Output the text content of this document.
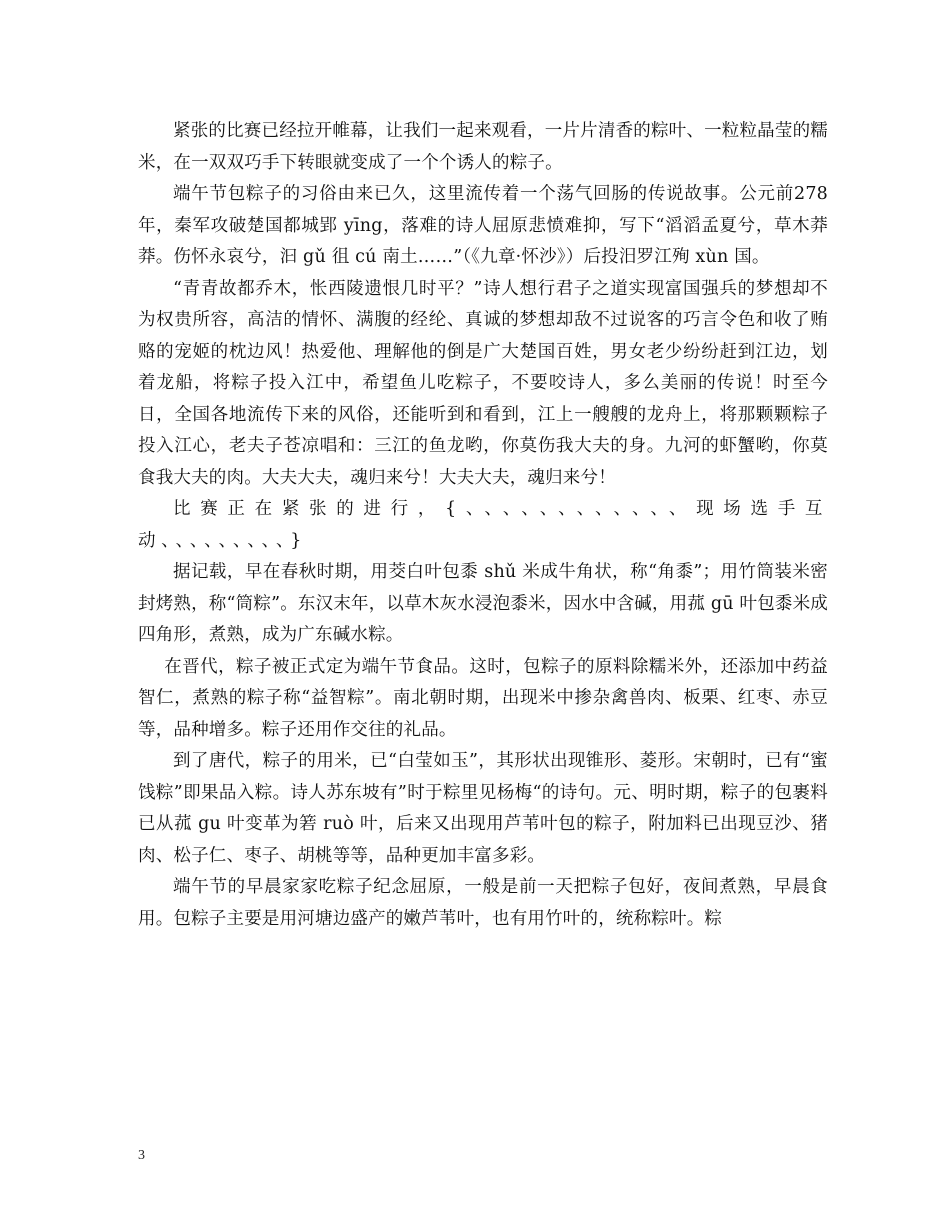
紧张的比赛已经拉开帷幕，让我们一起来观看，一片片清香的粽叶、一粒粒晶莹的糯米，在一双双巧手下转眼就变成了一个个诱人的粽子。

端午节包粽子的习俗由来已久，这里流传着一个荡气回肠的传说故事。公元前278年，秦军攻破楚国都城郢 yīng，落难的诗人屈原悲愤难抑，写下“滔滔孟夏兮，草木莽莽。伤怀永哀兮，汩 gǔ 徂 cú 南土……”（《九章·怀沙》）后投汨罗江殉 xùn 国。

“青青故都乔木，怅西陵遗恨几时平？”诗人想行君子之道实现富国强兵的梦想却不为权贵所容，高洁的情怀、满腹的经纶、真诚的梦想却敌不过说客的巧言令色和收了贿赂的宠姬的枕边风！热爱他、理解他的倒是广大楚国百姓，男女老少纷纷赶到江边，划着龙船，将粽子投入江中，希望鱼儿吃粽子，不要咬诗人，多么美丽的传说！时至今日，全国各地流传下来的风俗，还能听到和看到，江上一艘艘的龙舟上，将那颗颗粽子投入江心，老夫子苍凉唱和：三江的鱼龙哟，你莫伤我大夫的身。九河的虾蟹哟，你莫食我大夫的肉。大夫大夫，魂归来兮！大夫大夫，魂归来兮！

比赛正在紧张的进行，{、、、、、、、、、、、、现场选手互动、、、、、、、、、}

据记载，早在春秋时期，用茭白叶包黍 shǔ 米成牛角状，称“角黍”；用竹筒装米密封烤熟，称“筒粽”。东汉末年，以草木灰水浸泡黍米，因水中含碱，用菰 gū 叶包黍米成四角形，煮熟，成为广东碱水粽。

在晋代，粽子被正式定为端午节食品。这时，包粽子的原料除糯米外，还添加中药益智仁，煮熟的粽子称“益智粽”。南北朝时期，出现米中掺杂禽兽肉、板栗、红枣、赤豆等，品种增多。粽子还用作交往的礼品。

到了唐代，粽子的用米，已“白莹如玉”，其形状出现锥形、菱形。宋朝时，已有“蜜饯粽”即果品入粽。诗人苏东坡有”时于粽里见杨梅“的诗句。元、明时期，粽子的包裹料已从菰 gu 叶变革为箬 ruò 叶，后来又出现用芦苇叶包的粽子，附加料已出现豆沙、猪肉、松子仁、枣子、胡桃等等，品种更加丰富多彩。

端午节的早晨家家吃粽子纪念屈原，一般是前一天把粽子包好，夜间煮熟，早晨食用。包粽子主要是用河塘边盛产的嫩芦苇叶，也有用竹叶的，统称粽叶。粽

3
